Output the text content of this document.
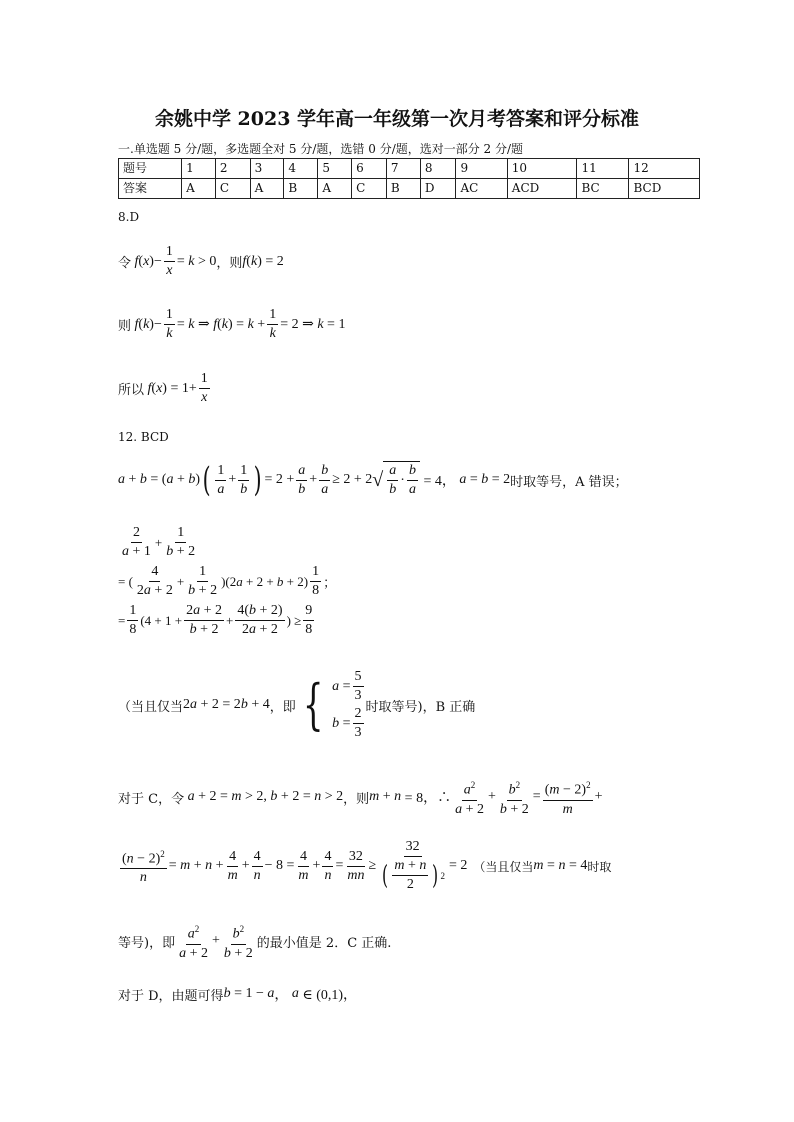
余姚中学 2023 学年高一年级第一次月考答案和评分标准
一.单选题 5 分/题，多选题全对 5 分/题，选错 0 分/题，选对一部分 2 分/题
题号	1	2	3	4	5	6	7	8	9	10	11	12
答案	A	C	A	B	A	C	B	D	AC	ACD	BC	BCD
8.D
令 f ( x )− $\frac{1}{x} = k > 0$ ，则 f ( k ) = 2
则 f ( k )− $\frac{1}{k} = k$ ⇒ f ( k ) = $k + \frac{1}{k} = 2$ ⇒ k = 1
所以 f ( x ) = $1+ \frac{1}{x}$
12. BCD
a + b = ( a + b ) ( $\frac{1}{a} + \frac{1}{b}$ ) = $2 + \frac{a}{b} + \frac{b}{a} \ge 2 + 2$ √ $\frac{a}{b} \cdot \frac{b}{a} = 4$， a = b = 2 时取等号，A 错误；
$\frac{2}{a + 1} + \frac{1}{b + 2}$
= ( $\frac{4}{2a + 2} + \frac{1}{b + 2} )(2a + 2 + b + 2) \frac{1}{8}$ ；
= $\frac{1}{8} (4 + 1 + \frac{2a + 2}{b + 2} + \frac{4(b + 2)}{2a + 2}$ ) ≥ $\frac{9}{8}$
（当且仅当 2 a + 2 = 2 b + 4 ，即 { $a = \frac{5}{3}$
$b = \frac{2}{3}$ 时取等号)，B 正确
对于 C，令 a + 2 = m > 2, b + 2 = n > 2 ，则 m + n = 8，∴ $\frac{a^2}{a + 2} + \frac{b^2}{b + 2} = \frac{(m - 2)^2}{m}$ +
$\frac{(n - 2)^2}{n} = m + n + \frac{4}{m} + \frac{4}{n} - 8 = \frac{4}{m} + \frac{4}{n} = \frac{32}{mn} \ge \frac{32}{( \frac{m + n}{2} ) 2} = 2$ （当且仅当 m = n = 4 时取
等号)，即 $\frac{a^2}{a + 2} + \frac{b^2}{b + 2}$ 的最小值是 2．C 正确.
对于 D，由题可得 b = 1 − a ， a ∈ (0,1)，
